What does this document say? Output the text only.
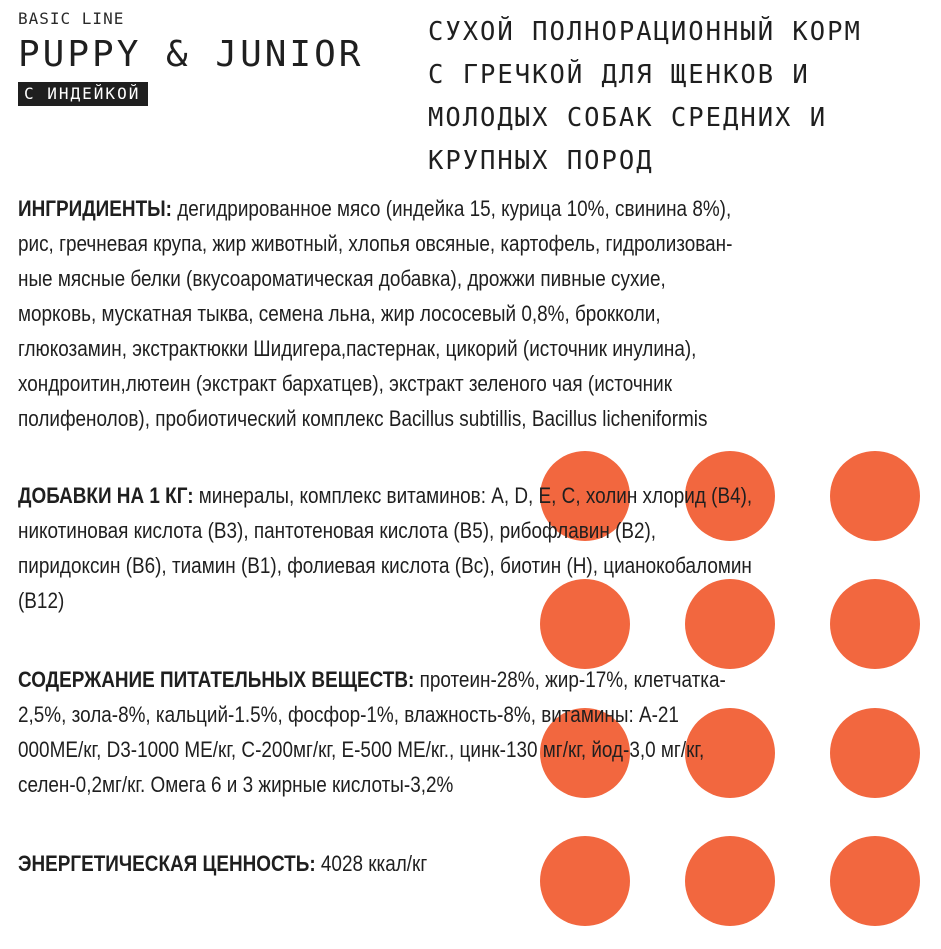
BASIC LINE
PUPPY & JUNIOR
С ИНДЕЙКОЙ
СУХОЙ ПОЛНОРАЦИОННЫЙ КОРМ
С ГРЕЧКОЙ ДЛЯ ЩЕНКОВ И
МОЛОДЫХ СОБАК СРЕДНИХ И
КРУПНЫХ ПОРОД
ИНГРИДИЕНТЫ: дегидрированное мясо (индейка 15, курица 10%, свинина 8%),
рис, гречневая крупа, жир животный, хлопья овсяные, картофель, гидролизован-
ные мясные белки (вкусоароматическая добавка), дрожжи пивные сухие,
морковь, мускатная тыква, семена льна, жир лососевый 0,8%, брокколи,
глюкозамин, экстрактюкки Шидигера,пастернак, цикорий (источник инулина),
хондроитин,лютеин (экстракт бархатцев), экстракт зеленого чая (источник
полифенолов), пробиотический комплекс Bacillus subtillis, Bacillus licheniformis
ДОБАВКИ НА 1 КГ: минералы, комплекс витаминов: A, D, E, C, холин хлорид (B4),
никотиновая кислота (B3), пантотеновая кислота (B5), рибофлавин (B2),
пиридоксин (B6), тиамин (B1), фолиевая кислота (Bc), биотин (H), цианокобаломин
(B12)
СОДЕРЖАНИЕ ПИТАТЕЛЬНЫХ ВЕЩЕСТВ: протеин-28%, жир-17%, клетчатка-
2,5%, зола-8%, кальций-1.5%, фосфор-1%, влажность-8%, витамины: А-21
000МЕ/кг, D3-1000 МЕ/кг, С-200мг/кг, Е-500 МЕ/кг., цинк-130 мг/кг, йод-3,0 мг/кг,
селен-0,2мг/кг. Омега 6 и 3 жирные кислоты-3,2%
ЭНЕРГЕТИЧЕСКАЯ ЦЕННОСТЬ: 4028 ккал/кг
